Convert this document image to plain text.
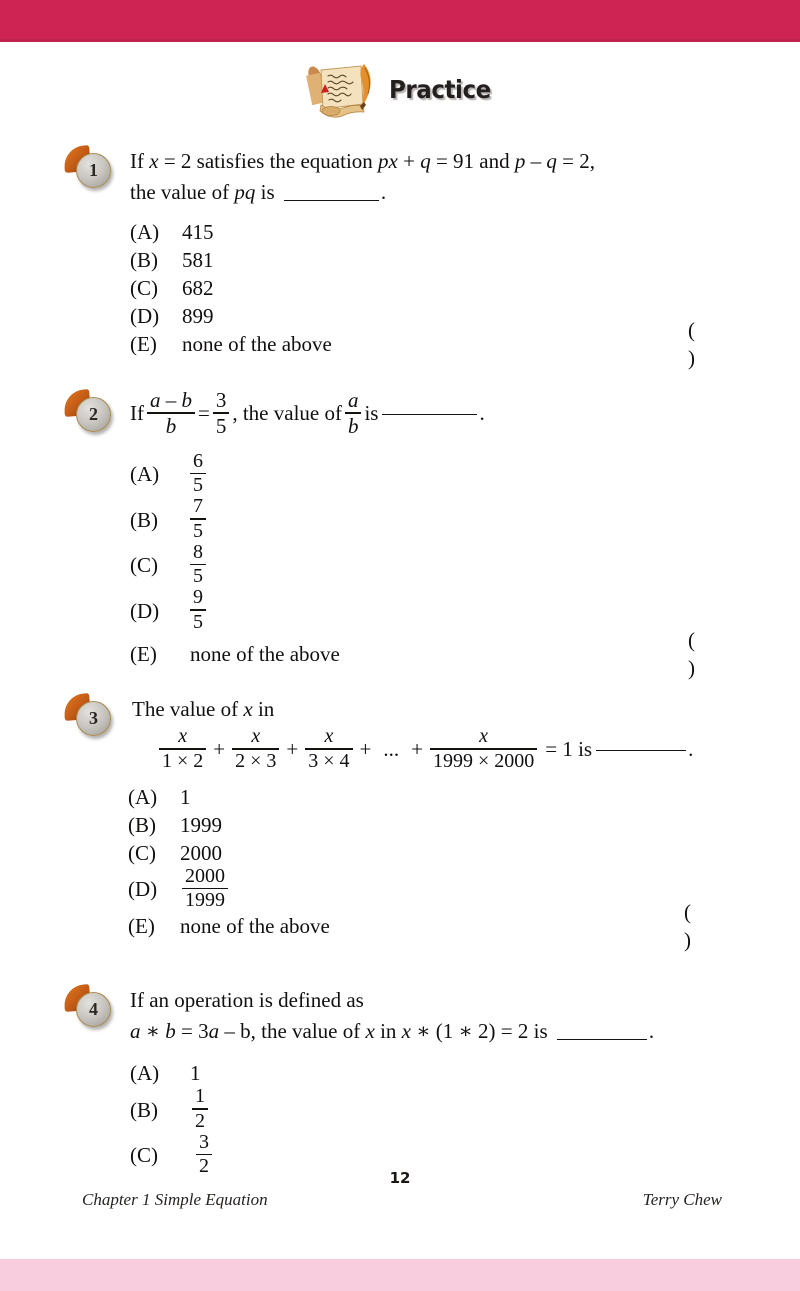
Practice
1	If x = 2 satisfies the equation px + q = 91 and p – q = 2,
the value of pq is	.
(A)	415
(B)	581
(C)	682
(D)	899
(E)	none of the above
( )
2	If $\frac{a - b}{b} = \frac{3}{5}$ , the value of $\frac{a}{b}$ is	.
(A)	$\frac{6}{5}$
(B)	$\frac{7}{5}$
(C)	$\frac{8}{5}$
(D)	$\frac{9}{5}$
(E)	none of the above
( )
3	The value of x in
$\frac{x}{1 \times 2} + \frac{x}{2 \times 3} + \frac{x}{3 \times 4}$ + ... + $\frac{x}{1999 \times 2000} = 1$ is	.
(A)	1
(B)	1999
(C)	2000
(D)	$\frac{2000}{1999}$
(E)	none of the above
( )
4	If an operation is defined as
a ∗ b = 3a – b, the value of x in x ∗ (1 ∗ 2) = 2 is	.
(A)	1
(B)	$\frac{1}{2}$
(C)	$\frac{3}{2}$
12
Chapter 1 Simple Equation	Terry Chew
